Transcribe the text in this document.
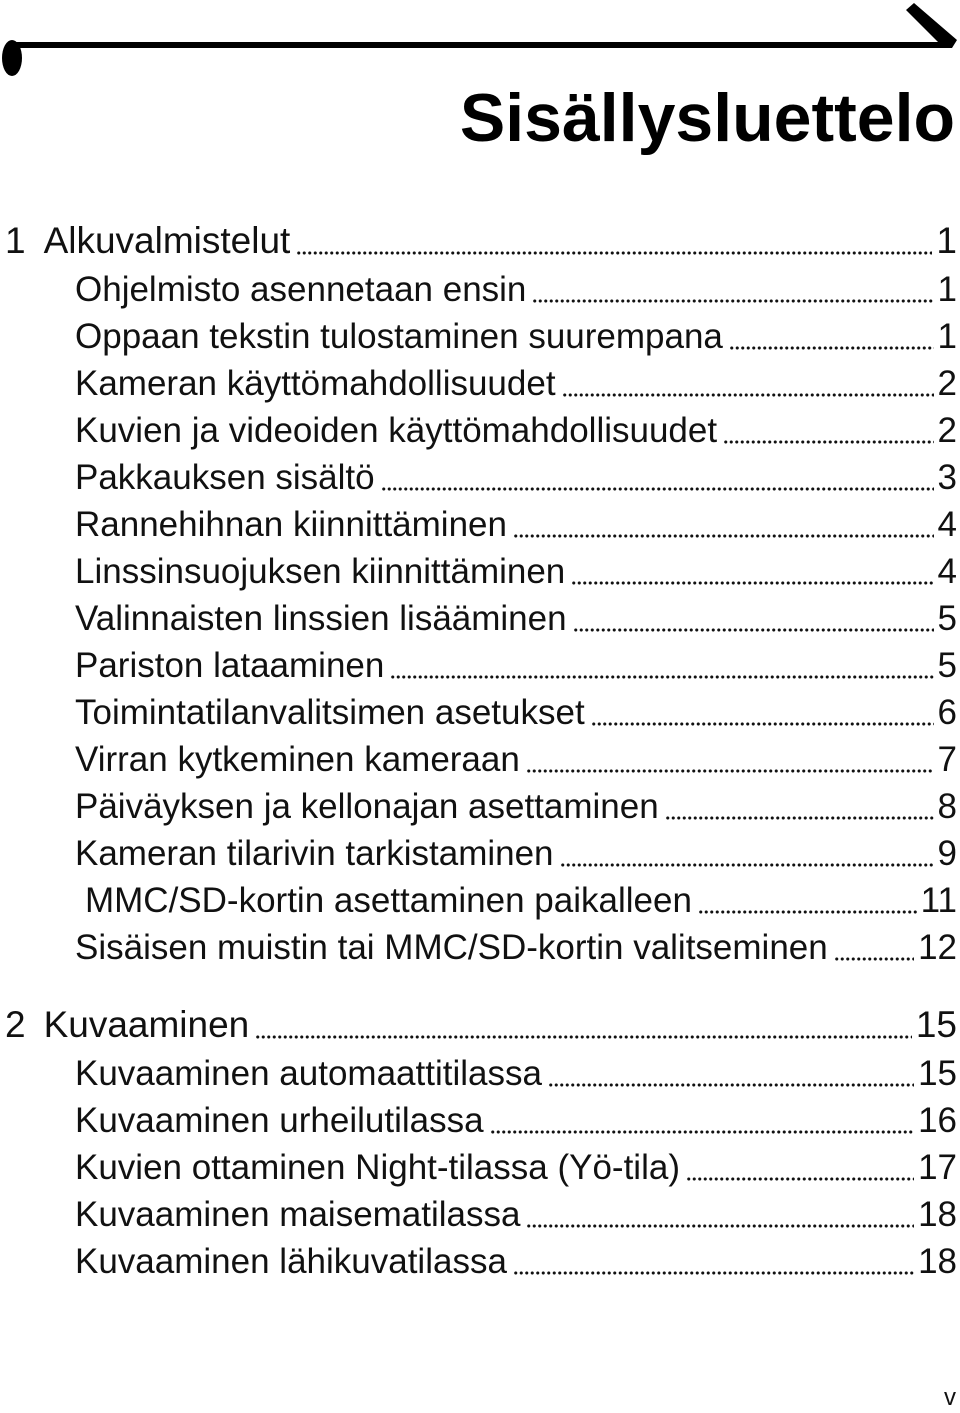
Sisällysluettelo
1 Alkuvalmistelut	1
Ohjelmisto asennetaan ensin	1
Oppaan tekstin tulostaminen suurempana	1
Kameran käyttömahdollisuudet	2
Kuvien ja videoiden käyttömahdollisuudet	2
Pakkauksen sisältö	3
Rannehihnan kiinnittäminen	4
Linssinsuojuksen kiinnittäminen	4
Valinnaisten linssien lisääminen	5
Pariston lataaminen	5
Toimintatilanvalitsimen asetukset	6
Virran kytkeminen kameraan	7
Päiväyksen ja kellonajan asettaminen	8
Kameran tilarivin tarkistaminen	9
MMC/SD-kortin asettaminen paikalleen	11
Sisäisen muistin tai MMC/SD-kortin valitseminen	12
2 Kuvaaminen	15
Kuvaaminen automaattitilassa	15
Kuvaaminen urheilutilassa	16
Kuvien ottaminen Night-tilassa (Yö-tila)	17
Kuvaaminen maisematilassa	18
Kuvaaminen lähikuvatilassa	18
v
